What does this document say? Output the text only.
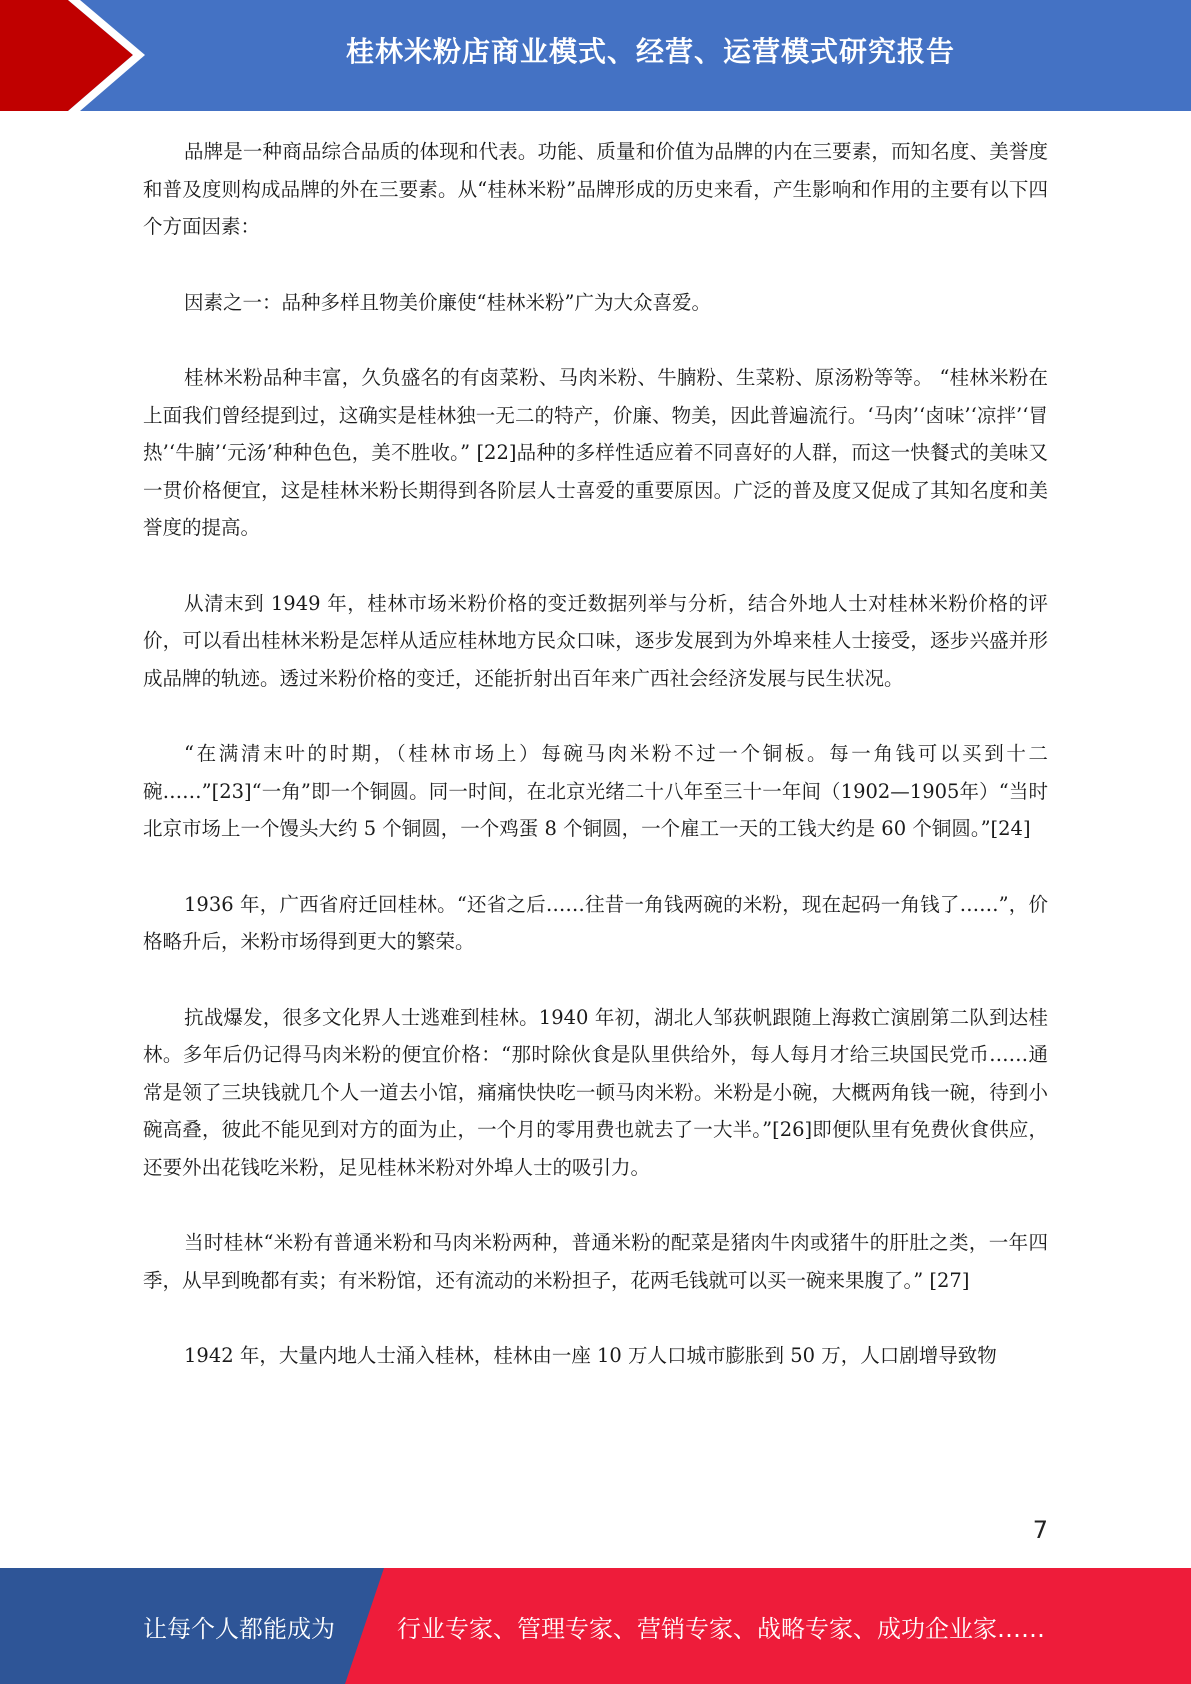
桂林米粉店商业模式、经营、运营模式研究报告

品牌是一种商品综合品质的体现和代表。功能、质量和价值为品牌的内在三要素，而知名度、美誉度和普及度则构成品牌的外在三要素。从“桂林米粉”品牌形成的历史来看，产生影响和作用的主要有以下四个方面因素：

因素之一：品种多样且物美价廉使“桂林米粉”广为大众喜爱。

桂林米粉品种丰富，久负盛名的有卤菜粉、马肉米粉、牛腩粉、生菜粉、原汤粉等等。 “桂林米粉在上面我们曾经提到过，这确实是桂林独一无二的特产，价廉、物美，因此普遍流行。‘马肉’‘卤味’‘凉拌’‘冒热’‘牛腩’‘元汤’种种色色，美不胜收。” [22]品种的多样性适应着不同喜好的人群，而这一快餐式的美味又一贯价格便宜，这是桂林米粉长期得到各阶层人士喜爱的重要原因。广泛的普及度又促成了其知名度和美誉度的提高。

从清末到 1949 年，桂林市场米粉价格的变迁数据列举与分析，结合外地人士对桂林米粉价格的评价，可以看出桂林米粉是怎样从适应桂林地方民众口味，逐步发展到为外埠来桂人士接受，逐步兴盛并形成品牌的轨迹。透过米粉价格的变迁，还能折射出百年来广西社会经济发展与民生状况。

“在满清末叶的时期，（桂林市场上）每碗马肉米粉不过一个铜板。每一角钱可以买到十二碗……”[23]“一角”即一个铜圆。同一时间，在北京光绪二十八年至三十一年间（1902—1905年）“当时北京市场上一个馒头大约 5 个铜圆，一个鸡蛋 8 个铜圆，一个雇工一天的工钱大约是 60 个铜圆。”[24]

1936 年，广西省府迁回桂林。“还省之后……往昔一角钱两碗的米粉，现在起码一角钱了……”，价格略升后，米粉市场得到更大的繁荣。

抗战爆发，很多文化界人士逃难到桂林。1940 年初，湖北人邹荻帆跟随上海救亡演剧第二队到达桂林。多年后仍记得马肉米粉的便宜价格：“那时除伙食是队里供给外，每人每月才给三块国民党币……通常是领了三块钱就几个人一道去小馆，痛痛快快吃一顿马肉米粉。米粉是小碗，大概两角钱一碗，待到小碗高叠，彼此不能见到对方的面为止，一个月的零用费也就去了一大半。”[26]即便队里有免费伙食供应，还要外出花钱吃米粉，足见桂林米粉对外埠人士的吸引力。

当时桂林“米粉有普通米粉和马肉米粉两种，普通米粉的配菜是猪肉牛肉或猪牛的肝肚之类，一年四季，从早到晚都有卖；有米粉馆，还有流动的米粉担子，花两毛钱就可以买一碗来果腹了。” [27]

1942 年，大量内地人士涌入桂林，桂林由一座 10 万人口城市膨胀到 50 万，人口剧增导致物

7
让每个人都能成为	行业专家、管理专家、营销专家、战略专家、成功企业家……
